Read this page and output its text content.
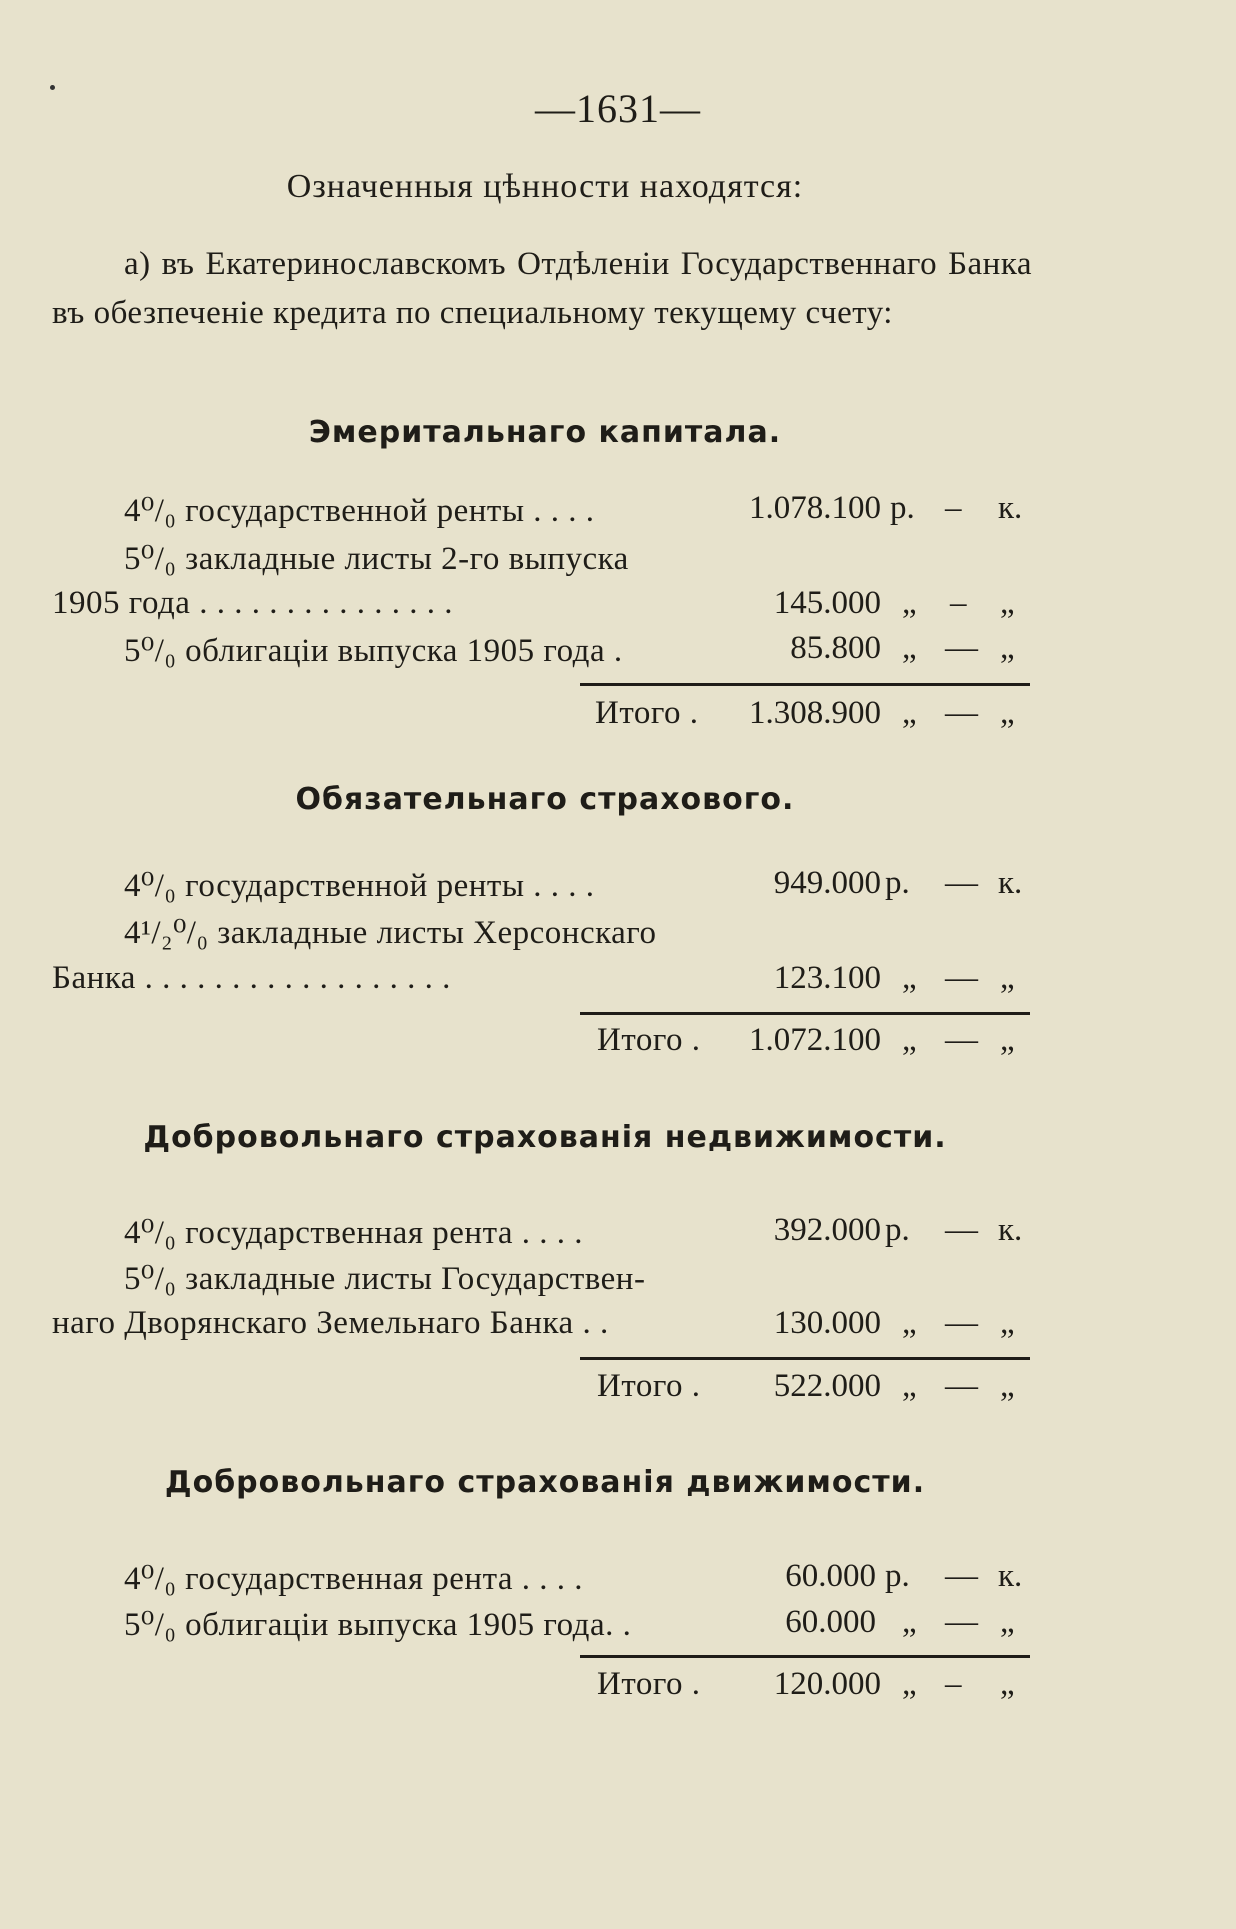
—1631—
Означенныя цѣнности находятся:
а) въ Екатеринославскомъ Отдѣленіи Государственнаго Банка въ обезпеченіе кредита по специальному текущему счету:
Эмеритальнаго капитала.
4⁰/₀ государственной ренты . . . .	1.078.100 р. – к.
5⁰/₀ закладные листы 2-го выпуска
1905 года . . . . . . . . . . . . . . .	145.000 „ – „
5⁰/₀ облигаціи выпуска 1905 года .	85.800 „ — „
Итого . 1.308.900 „ — „
Обязательнаго страхового.
4⁰/₀ государственной ренты . . . .	949.000 р. — к.
4¹/₂⁰/₀ закладные листы Херсонскаго
Банка . . . . . . . . . . . . . . . . . .	123.100 „ — „
Итого . 1.072.100 „ — „
Добровольнаго страхованія недвижимости.
4⁰/₀ государственная рента . . . .	392.000 р. — к.
5⁰/₀ закладные листы Государствен-
наго Дворянскаго Земельнаго Банка . .	130.000 „ — „
Итого . 522.000 „ — „
Добровольнаго страхованія движимости.
4⁰/₀ государственная рента . . . .	60.000 р. — к.
5⁰/₀ облигаціи выпуска 1905 года. .	60.000 „ — „
Итого . 120.000 „ – „
